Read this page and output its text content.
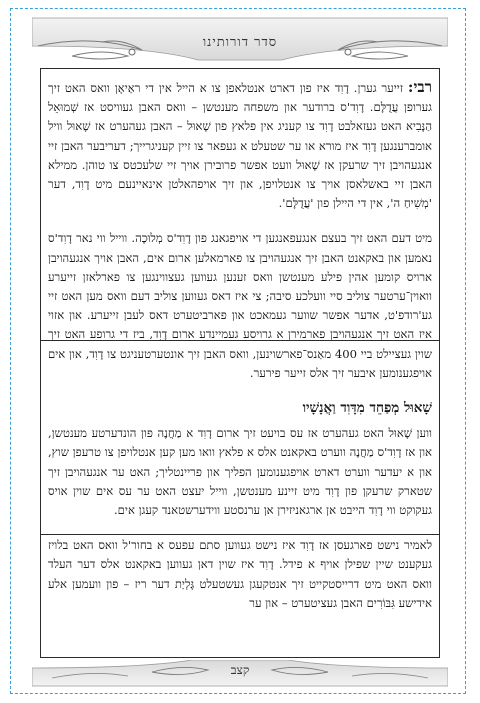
סדר דורותינו

רבי: זייער גערן. דָוִד איז פון דארט אנטלאפן צו א הייל אין די ראַיאָן וואס האט זיך גערופן עֲדֻלָּם. דָוִד'ס ברודער און משפחה מענטשן – וואס האבן געוויסט אז שְׁמוּאֵל הַנָּבִיא האט געזאלבט דָוִד צו קעניג אין פלאץ פון שָׁאוּל – האבן געהערט אז שָׁאוּל וויל אומברענגען דָוִד איז מורא או ער שטעלט א געפאר צו זיין קעניגרייך; דעריבער האבן זיי אנגעהויבן זיך שרעקן אז שָׁאוּל וועט אפשר פרובירן אויך זיי שלעכטס צו טוהן. ממילא האבן זיי באשלאסן אויך צו אנטלויפן, און זיך אויפהאלטן אינאיינעם מיט דָוִד, דער 'מְשִׁיחַ ה', אין די היילן פון 'עֲדֻלָּם'.

מיט דעם האט זיך בעצם אנגעפאנגען די אויפגאנג פון דָוִד'ס מְלוּכָה. ווייל ווי נאר דָוִד'ס נאמען און באקאנט האבן זיך אנגעהויבן צו פארמאלען ארום אים, האבן אויך אנגעהויבן ארויס קומען אהין פילע מענטשן וואס זענען געווען געצווינגען צו פארלאזן זייערע וואוין־ערטער צוליב סיי וועלכע סיבה; צי איז דאס געווען צוליב דעם וואס מען האט זיי גע'רודפ'ט, אדער אפשר שווער געמאכט און פארביטערט דאס לעבן זייערע. און אזוי איז האט זיך אנגעהויבן פארמירן א גרויסע געמיינדע ארום דָוִד, ביז די גרופע האט זיך שוין געציילט ביי 400 מאַנס־פארשוינען, וואס האבן זיך אונטערטעניגט צו דָוִד, און אים אויפגענומען איבער זיך אלס זייער פירער.

שָׁאוּל מְפַחֵד מִדָּוִד וַאֲנָשָׁיו

ווען שָׁאוּל האט געהערט אז עס בויעט זיך ארום דָוִד א מַחֲנֶה פון הונדערטע מענטשן, און אז דָוִד'ס מַחֲנֶה ווערט באקאנט אלס א פלאץ וואו מען קען אנטלויפן צו טרעפן שוץ, און א יעדער ווערט דארט אויפגענומען הפליך און פריינטליך; האט ער אנגעהויבן זיך שטארק שרעקן פון דָוִד מיט זיינע מענטשן, ווייל יעצט האט ער עס אים שוין אויס געקוקט ווי דָוִד הייבט אן ארגאניזירן אן ערנסטע ווידערשטאנד קעגן אים.

לאמיר נישט פארגעסן אז דָוִד איז נישט געווען סתם עפעס א בחור'ל וואס האט בלויז געקענט שיין שפילן אויף א פידל. דָוִד איז שוין דאן געווען באקאנט אלס דער העלד וואס האט מיט דרייסטקייט זיך אנטקעגן געשטעלט גָּלְיַת דער ריז – פון וועמען אלע אידישע גִּבּוֹרִים האבן געציטערט – און ער

קצב
